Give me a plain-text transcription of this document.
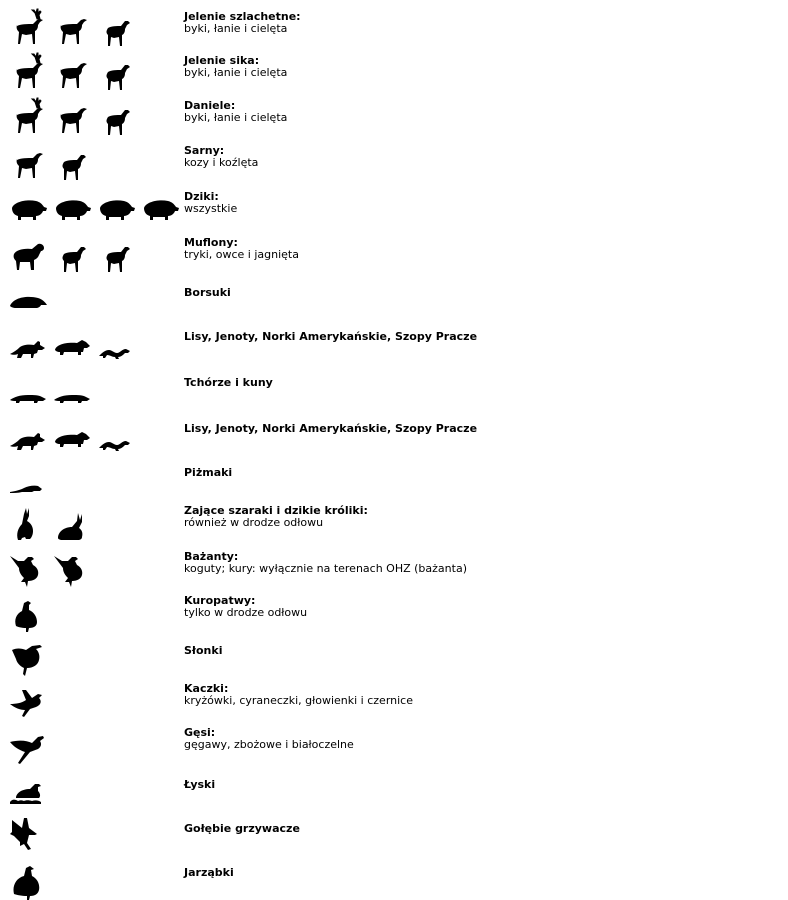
Jelenie szlachetne:
byki, łanie i cielęta
Jelenie sika:
byki, łanie i cielęta
Daniele:
byki, łanie i cielęta
Sarny:
kozy i koźlęta
Dziki:
wszystkie
Muflony:
tryki, owce i jagnięta
Borsuki
Lisy, Jenoty, Norki Amerykańskie, Szopy Pracze
Tchórze i kuny
Lisy, Jenoty, Norki Amerykańskie, Szopy Pracze
Piżmaki
Zające szaraki i dzikie króliki:
również w drodze odłowu
Bażanty:
koguty; kury: wyłącznie na terenach OHZ (bażanta)
Kuropatwy:
tylko w drodze odłowu
Słonki
Kaczki:
kryżówki, cyraneczki, głowienki i czernice
Gęsi:
gęgawy, zbożowe i białoczelne
Łyski
Gołębie grzywacze
Jarząbki
